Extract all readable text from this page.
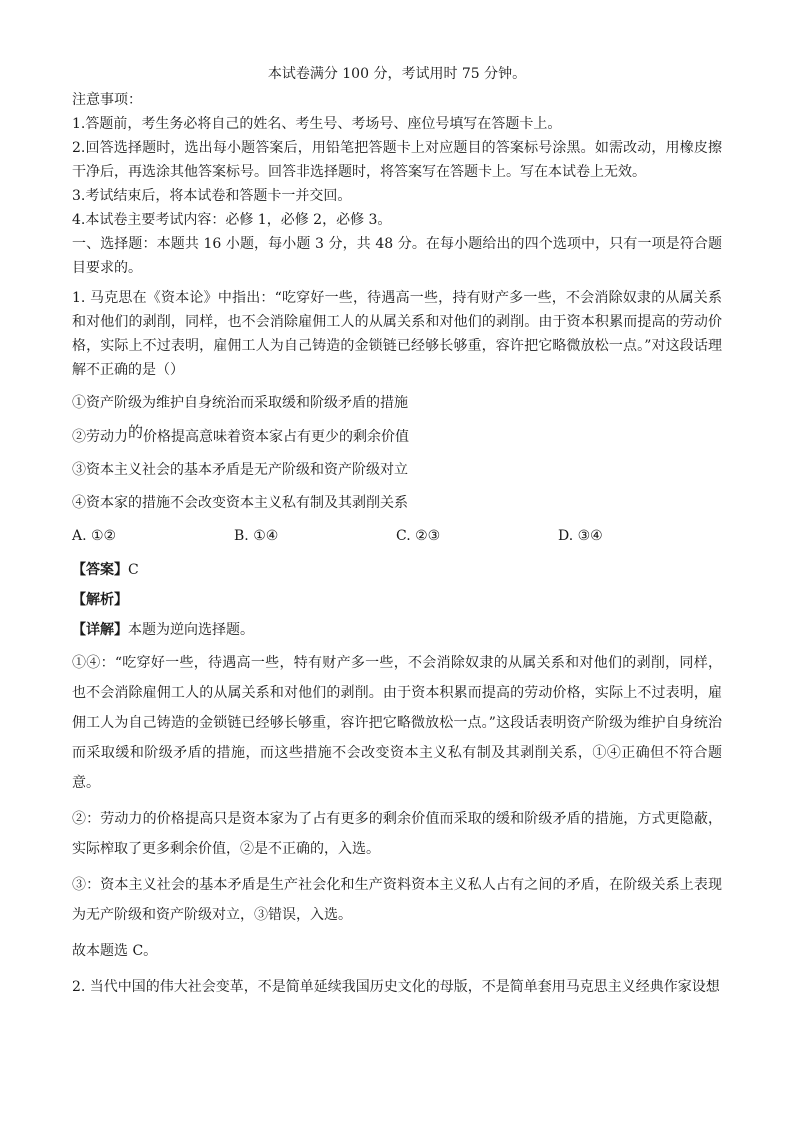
本试卷满分 100 分，考试用时 75 分钟。

注意事项：

1.答题前，考生务必将自己的姓名、考生号、考场号、座位号填写在答题卡上。

2.回答选择题时，选出每小题答案后，用铅笔把答题卡上对应题目的答案标号涂黑。如需改动，用橡皮擦干净后，再选涂其他答案标号。回答非选择题时，将答案写在答题卡上。写在本试卷上无效。

3.考试结束后，将本试卷和答题卡一并交回。

4.本试卷主要考试内容：必修 1，必修 2，必修 3。

一、选择题：本题共 16 小题，每小题 3 分，共 48 分。在每小题给出的四个选项中，只有一项是符合题目要求的。

1. 马克思在《资本论》中指出：“吃穿好一些，待遇高一些，持有财产多一些，不会消除奴隶的从属关系和对他们的剥削，同样，也不会消除雇佣工人的从属关系和对他们的剥削。由于资本积累而提高的劳动价格，实际上不过表明，雇佣工人为自己铸造的金锁链已经够长够重，容许把它略微放松一点。”对这段话理解不正确的是（）

①资产阶级为维护自身统治而采取缓和阶级矛盾的措施

②劳动力的价格提高意味着资本家占有更少的剩余价值

③资本主义社会的基本矛盾是无产阶级和资产阶级对立

④资本家的措施不会改变资本主义私有制及其剥削关系

A. ①②	B. ①④	C. ②③	D. ③④

【答案】C

【解析】

【详解】本题为逆向选择题。

①④：“吃穿好一些，待遇高一些，特有财产多一些，不会消除奴隶的从属关系和对他们的剥削，同样，也不会消除雇佣工人的从属关系和对他们的剥削。由于资本积累而提高的劳动价格，实际上不过表明，雇佣工人为自己铸造的金锁链已经够长够重，容许把它略微放松一点。”这段话表明资产阶级为维护自身统治而采取缓和阶级矛盾的措施，而这些措施不会改变资本主义私有制及其剥削关系，①④正确但不符合题意。

②：劳动力的价格提高只是资本家为了占有更多的剩余价值而采取的缓和阶级矛盾的措施，方式更隐蔽，实际榨取了更多剩余价值，②是不正确的，入选。

③：资本主义社会的基本矛盾是生产社会化和生产资料资本主义私人占有之间的矛盾，在阶级关系上表现为无产阶级和资产阶级对立，③错误，入选。

故本题选 C。

2. 当代中国的伟大社会变革，不是简单延续我国历史文化的母版，不是简单套用马克思主义经典作家设想
